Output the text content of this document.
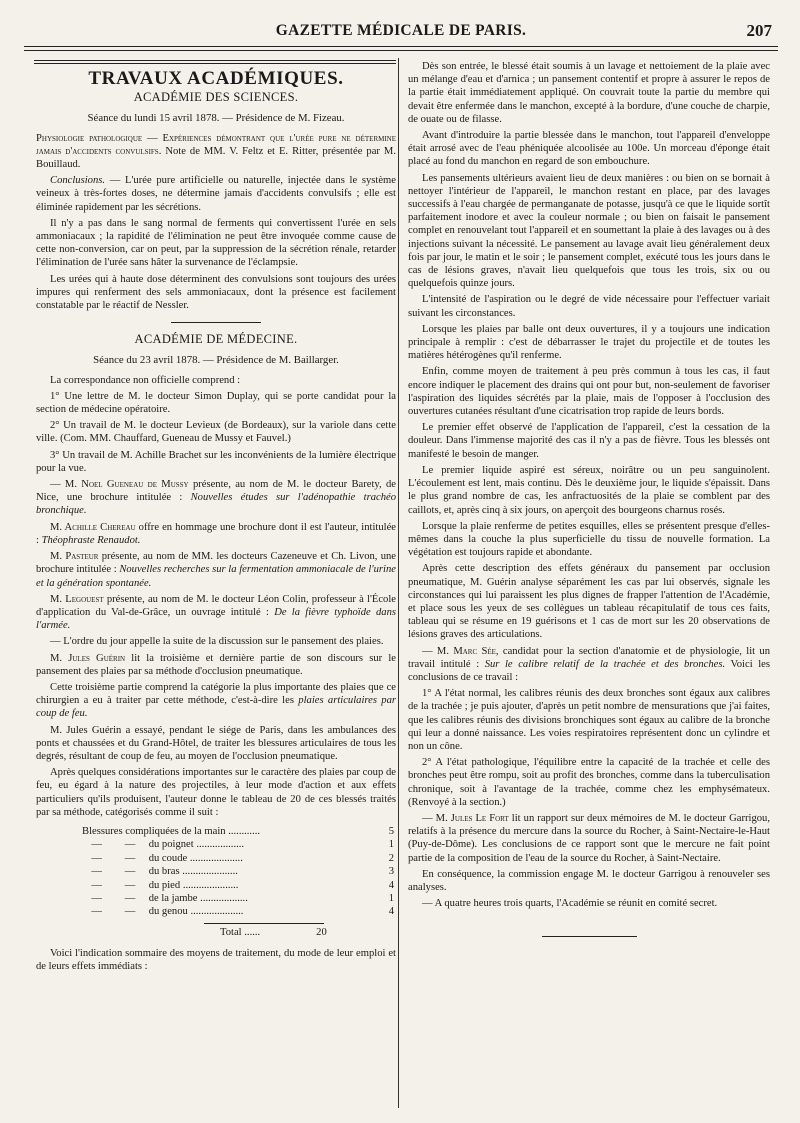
GAZETTE MÉDICALE DE PARIS.	207
TRAVAUX ACADÉMIQUES.
ACADÉMIE DES SCIENCES.
Séance du lundi 15 avril 1878. — Présidence de M. Fizeau.

Physiologie pathologique — Expériences démontrant que l'urée pure ne détermine jamais d'accidents convulsifs. Note de MM. V. Feltz et E. Ritter, présentée par M. Bouillaud.

Conclusions. — L'urée pure artificielle ou naturelle, injectée dans le système veineux à très-fortes doses, ne détermine jamais d'accidents convulsifs ; elle est éliminée rapidement par les sécrétions.

Il n'y a pas dans le sang normal de ferments qui convertissent l'urée en sels ammoniacaux ; la rapidité de l'élimination ne peut être invoquée comme cause de cette non-conversion, car on peut, par la suppression de la sécrétion rénale, retarder l'élimination de l'urée sans hâter la survenance de l'éclampsie.

Les urées qui à haute dose déterminent des convulsions sont toujours des urées impures qui renferment des sels ammoniacaux, dont la présence est facilement constatable par le réactif de Nessler.

ACADÉMIE DE MÉDECINE.
Séance du 23 avril 1878. — Présidence de M. Baillarger.

La correspondance non officielle comprend :

1° Une lettre de M. le docteur Simon Duplay, qui se porte candidat pour la section de médecine opératoire.

2° Un travail de M. le docteur Levieux (de Bordeaux), sur la variole dans cette ville. (Com. MM. Chauffard, Gueneau de Mussy et Fauvel.)

3° Un travail de M. Achille Brachet sur les inconvénients de la lumière électrique pour la vue.

— M. Noel Gueneau de Mussy présente, au nom de M. le docteur Barety, de Nice, une brochure intitulée : Nouvelles études sur l'adénopathie trachéo bronchique.

M. Achille Chereau offre en hommage une brochure dont il est l'auteur, intitulée : Théophraste Renaudot.

M. Pasteur présente, au nom de MM. les docteurs Cazeneuve et Ch. Livon, une brochure intitulée : Nouvelles recherches sur la fermentation ammoniacale de l'urine et la génération spontanée.

M. Legouest présente, au nom de M. le docteur Léon Colin, professeur à l'École d'application du Val-de-Grâce, un ouvrage intitulé : De la fièvre typhoïde dans l'armée.

— L'ordre du jour appelle la suite de la discussion sur le pansement des plaies.

M. Jules Guérin lit la troisième et dernière partie de son discours sur le pansement des plaies par sa méthode d'occlusion pneumatique.

Cette troisième partie comprend la catégorie la plus importante des plaies que ce chirurgien a eu à traiter par cette méthode, c'est-à-dire les plaies articulaires par coup de feu.

M. Jules Guérin a essayé, pendant le siége de Paris, dans les ambulances des ponts et chaussées et du Grand-Hôtel, de traiter les blessures articulaires de tous les degrés, résultant de coup de feu, au moyen de l'occlusion pneumatique.

Après quelques considérations importantes sur le caractère des plaies par coup de feu, eu égard à la nature des projectiles, à leur mode d'action et aux effets particuliers qu'ils produisent, l'auteur donne le tableau de 20 de ces blessés traités par sa méthode, catégorisés comme il suit :

Blessures compliquées de la main ............			5
—	—	du poignet ..................	1
—	—	du coude ....................	2
—	—	du bras .....................	3
—	—	du pied .....................	4
—	—	de la jambe ..................	1
—	—	du genou ....................	4
Total ......	20

Voici l'indication sommaire des moyens de traitement, du mode de leur emploi et de leurs effets immédiats :

Dès son entrée, le blessé était soumis à un lavage et nettoiement de la plaie avec un mélange d'eau et d'arnica ; un pansement contentif et propre à assurer le repos de la partie était immédiatement appliqué. On couvrait toute la partie du membre qui devait être enfermée dans le manchon, excepté à la bordure, d'une couche de charpie, de ouate ou de filasse.

Avant d'introduire la partie blessée dans le manchon, tout l'appareil d'enveloppe était arrosé avec de l'eau phéniquée alcoolisée au 100e. Un morceau d'éponge était placé au fond du manchon en regard de son embouchure.

Les pansements ultérieurs avaient lieu de deux manières : ou bien on se bornait à nettoyer l'intérieur de l'appareil, le manchon restant en place, par des lavages successifs à l'eau chargée de permanganate de potasse, jusqu'à ce que le liquide sortît parfaitement inodore et avec la couleur normale ; ou bien on faisait le pansement complet en renouvelant tout l'appareil et en soumettant la plaie à des lavages ou à des injections suivant la nécessité. Le pansement au lavage avait lieu généralement deux fois par jour, le matin et le soir ; le pansement complet, exécuté tous les jours dans le cas de lésions graves, n'avait lieu quelquefois que tous les trois, six ou ou quelquefois quinze jours.

L'intensité de l'aspiration ou le degré de vide nécessaire pour l'effectuer variait suivant les circonstances.

Lorsque les plaies par balle ont deux ouvertures, il y a toujours une indication principale à remplir : c'est de débarrasser le trajet du projectile et de toutes les matières hétérogènes qu'il renferme.

Enfin, comme moyen de traitement à peu près commun à tous les cas, il faut encore indiquer le placement des drains qui ont pour but, non-seulement de favoriser l'aspiration des liquides sécrétés par la plaie, mais de l'opposer à l'occlusion des ouvertures cutanées résultant d'une cicatrisation trop rapide de leurs bords.

Le premier effet observé de l'application de l'appareil, c'est la cessation de la douleur. Dans l'immense majorité des cas il n'y a pas de fièvre. Tous les blessés ont manifesté le besoin de manger.

Le premier liquide aspiré est séreux, noirâtre ou un peu sanguinolent. L'écoulement est lent, mais continu. Dès le deuxième jour, le liquide s'épaissit. Dans le plus grand nombre de cas, les anfractuosités de la plaie se comblent par des caillots, et, après cinq à six jours, on aperçoit des bourgeons charnus rosés.

Lorsque la plaie renferme de petites esquilles, elles se présentent presque d'elles-mêmes dans la couche la plus superficielle du tissu de nouvelle formation. La végétation est toujours rapide et abondante.

Après cette description des effets généraux du pansement par occlusion pneumatique, M. Guérin analyse séparément les cas par lui observés, signale les circonstances qui lui paraissent les plus dignes de frapper l'attention de l'Académie, et place sous les yeux de ses collègues un tableau récapitulatif de tous ces faits, tableau qui se résume en 19 guérisons et 1 cas de mort sur les 20 observations de lésions graves des articulations.

— M. Marc Sée, candidat pour la section d'anatomie et de physiologie, lit un travail intitulé : Sur le calibre relatif de la trachée et des bronches. Voici les conclusions de ce travail :

1° A l'état normal, les calibres réunis des deux bronches sont égaux aux calibres de la trachée ; je puis ajouter, d'après un petit nombre de mensurations que j'ai faites, que les calibres réunis des divisions bronchiques sont égaux au calibre de la bronche qui leur a donné naissance. Les voies respiratoires représentent donc un cylindre et non un cône.

2° A l'état pathologique, l'équilibre entre la capacité de la trachée et celle des bronches peut être rompu, soit au profit des bronches, comme dans la tuberculisation chronique, soit à l'avantage de la trachée, comme chez les emphysémateux. (Renvoyé à la section.)

— M. Jules Le Fort lit un rapport sur deux mémoires de M. le docteur Garrigou, relatifs à la présence du mercure dans la source du Rocher, à Saint-Nectaire-le-Haut (Puy-de-Dôme). Les conclusions de ce rapport sont que le mercure ne fait point partie de la composition de l'eau de la source du Rocher, à Saint-Nectaire.

En conséquence, la commission engage M. le docteur Garrigou à renouveler ses analyses.

— A quatre heures trois quarts, l'Académie se réunit en comité secret.
